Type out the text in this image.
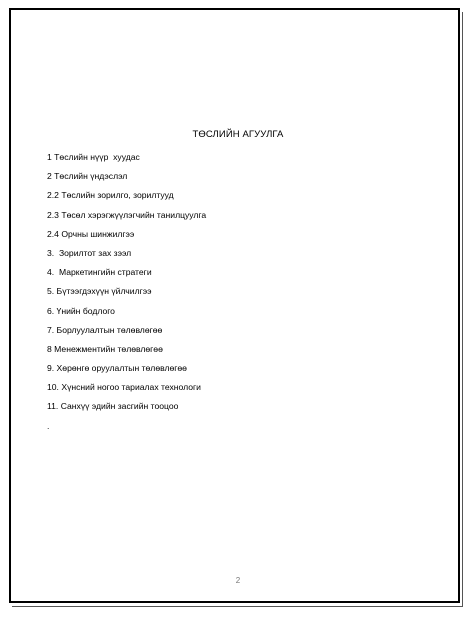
ТӨСЛИЙН АГУУЛГА
1 Төслийн нүүр  хуудас
2 Төслийн үндэслэл
2.2 Төслийн зорилго, зорилтууд
2.3 Төсөл хэрэгжүүлэгчийн танилцуулга
2.4 Орчны шинжилгээ
3.  Зорилтот зах зээл
4.  Маркетингийн стратеги
5. Бүтээгдэхүүн үйлчилгээ
6. Үнийн бодлого
7. Борлуулалтын төлөвлөгөө
8 Менежментийн төлөвлөгөө
9. Хөрөнгө оруулалтын төлөвлөгөө
10. Хүнсний ногоо тариалах технологи
11. Санхүү эдийн засгийн тооцоо
.
2
